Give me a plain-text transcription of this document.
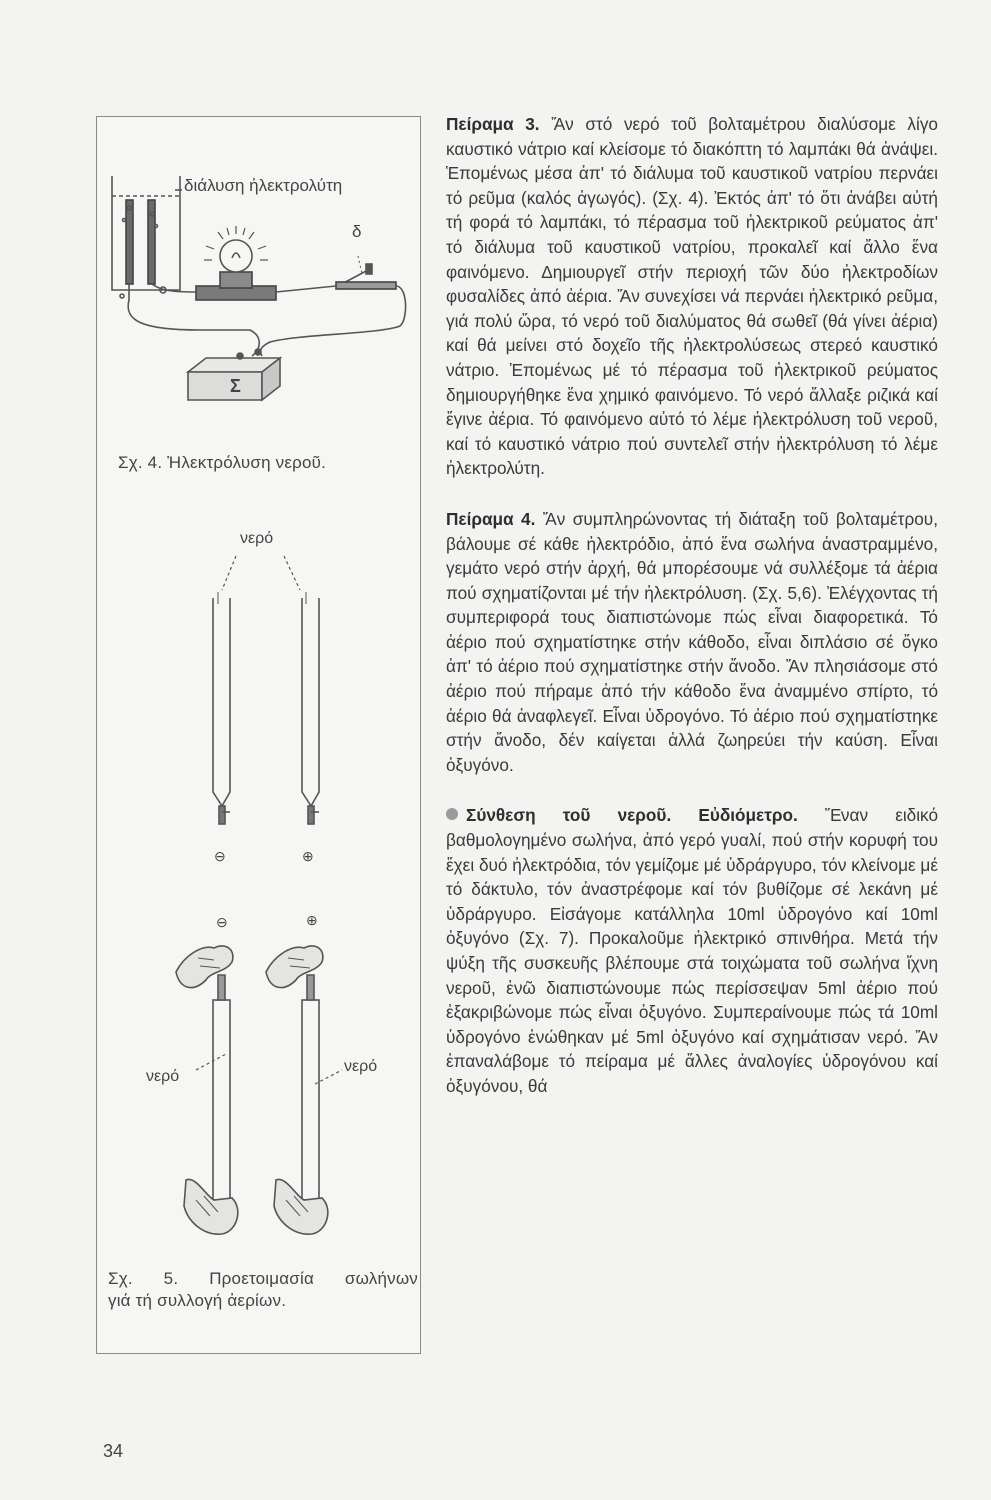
διάλυση ἠλεκτρολύτη
δ
Σ
Σχ. 4. Ἠλεκτρόλυση νεροῦ.
νερό
⊖	⊕
⊖	⊕
νερό
νερό
Σχ. 5. Προετοιμασία σωλήνων
γιά τή συλλογή ἀερίων.

Πείραμα 3. Ἄν στό νερό τοῦ βολταμέτρου διαλύσομε λίγο καυστικό νάτριο καί κλείσομε τό διακόπτη τό λαμπάκι θά ἀνάψει. Ἑπομένως μέσα ἀπ' τό διάλυμα τοῦ καυστικοῦ νατρίου περνάει τό ρεῦμα (καλός ἀγωγός). (Σχ. 4). Ἐκτός ἀπ' τό ὅτι ἀνάβει αὐτή τή φορά τό λαμπάκι, τό πέρασμα τοῦ ἠλεκτρικοῦ ρεύματος ἀπ' τό διάλυμα τοῦ καυστικοῦ νατρίου, προκαλεῖ καί ἄλλο ἕνα φαινόμενο. Δημιουργεῖ στήν περιοχή τῶν δύο ἠλεκτροδίων φυσαλίδες ἀπό ἀέρια. Ἄν συνεχίσει νά περνάει ἠλεκτρικό ρεῦμα, γιά πολύ ὥρα, τό νερό τοῦ διαλύματος θά σωθεῖ (θά γίνει ἀέρια) καί θά μείνει στό δοχεῖο τῆς ἠλεκτρολύσεως στερεό καυστικό νάτριο. Ἑπομένως μέ τό πέρασμα τοῦ ἠλεκτρικοῦ ρεύματος δημιουργήθηκε ἕνα χημικό φαινόμενο. Τό νερό ἄλλαξε ριζικά καί ἔγινε ἀέρια. Τό φαινόμενο αὐτό τό λέμε ἠλεκτρόλυση τοῦ νεροῦ, καί τό καυστικό νάτριο πού συντελεῖ στήν ἠλεκτρόλυση τό λέμε ἠλεκτρολύτη.

Πείραμα 4. Ἄν συμπληρώνοντας τή διάταξη τοῦ βολταμέτρου, βάλουμε σέ κάθε ἠλεκτρόδιο, ἀπό ἕνα σωλήνα ἀναστραμμένο, γεμάτο νερό στήν ἀρχή, θά μπορέσουμε νά συλλέξομε τά ἀέρια πού σχηματίζονται μέ τήν ἠλεκτρόλυση. (Σχ. 5,6). Ἐλέγχοντας τή συμπεριφορά τους διαπιστώνομε πώς εἶναι διαφορετικά. Τό ἀέριο πού σχηματίστηκε στήν κάθοδο, εἶναι διπλάσιο σέ ὄγκο ἀπ' τό ἀέριο πού σχηματίστηκε στήν ἄνοδο. Ἄν πλησιάσομε στό ἀέριο πού πήραμε ἀπό τήν κάθοδο ἕνα ἀναμμένο σπίρτο, τό ἀέριο θά ἀναφλεγεῖ. Εἶναι ὑδρογόνο. Τό ἀέριο πού σχηματίστηκε στήν ἄνοδο, δέν καίγεται ἀλλά ζωηρεύει τήν καύση. Εἶναι ὀξυγόνο.

Σύνθεση τοῦ νεροῦ. Εὐδιόμετρο. Ἕναν ειδικό βαθμολογημένο σωλήνα, ἀπό γερό γυαλί, πού στήν κορυφή του ἔχει δυό ἠλεκτρόδια, τόν γεμίζομε μέ ὑδράργυρο, τόν κλείνομε μέ τό δάκτυλο, τόν ἀναστρέφομε καί τόν βυθίζομε σέ λεκάνη μέ ὑδράργυρο. Εἰσάγομε κατάλληλα 10ml ὑδρογόνο καί 10ml ὀξυγόνο (Σχ. 7). Προκαλοῦμε ἠλεκτρικό σπινθήρα. Μετά τήν ψύξη τῆς συσκευῆς βλέπουμε στά τοιχώματα τοῦ σωλήνα ἴχνη νεροῦ, ἐνῶ διαπιστώνουμε πώς περίσσεψαν 5ml ἀέριο πού ἐξακριβώνομε πώς εἶναι ὀξυγόνο. Συμπεραίνουμε πώς τά 10ml ὑδρογόνο ἑνώθηκαν μέ 5ml ὀξυγόνο καί σχημάτισαν νερό. Ἄν ἐπαναλάβομε τό πείραμα μέ ἄλλες ἀναλογίες ὑδρογόνου καί ὀξυγόνου, θά

34
